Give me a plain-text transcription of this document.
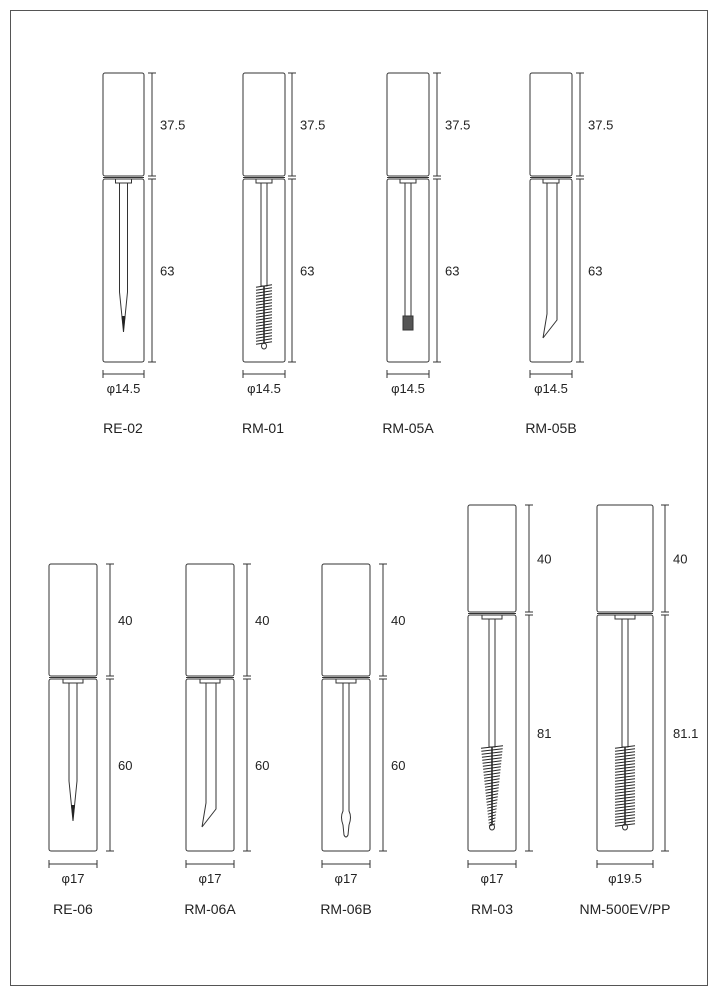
37.5
63
φ14.5
RE-02
37.5
63
φ14.5
RM-01
37.5
63
φ14.5
RM-05A
37.5
63
φ14.5
RM-05B
40
60
φ17
RE-06
40
60
φ17
RM-06A
40
60
φ17
RM-06B
40
81
φ17
RM-03
40
81.1
φ19.5
NM-500EV/PP
